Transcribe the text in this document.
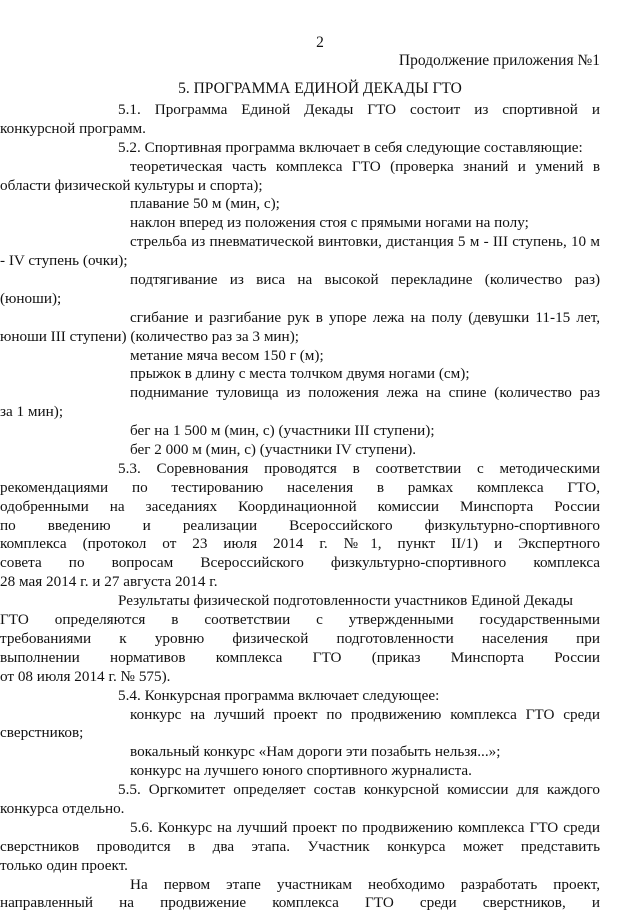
2
Продолжение приложения №1
5. ПРОГРАММА ЕДИНОЙ ДЕКАДЫ ГТО
5.1. Программа Единой Декады ГТО состоит из спортивной и
конкурсной программ.
5.2. Спортивная программа включает в себя следующие составляющие:
теоретическая часть комплекса ГТО (проверка знаний и умений в
области физической культуры и спорта);
плавание 50 м (мин, с);
наклон вперед из положения стоя с прямыми ногами на полу;
стрельба из пневматической винтовки, дистанция 5 м - III ступень, 10 м
- IV ступень (очки);
подтягивание из виса на высокой перекладине (количество раз)
(юноши);
сгибание и разгибание рук в упоре лежа на полу (девушки 11-15 лет,
юноши III ступени) (количество раз за 3 мин);
метание мяча весом 150 г (м);
прыжок в длину с места толчком двумя ногами (см);
поднимание туловища из положения лежа на спине (количество раз
за 1 мин);
бег на 1 500 м (мин, с) (участники III ступени);
бег 2 000 м (мин, с) (участники IV ступени).
5.3. Соревнования проводятся в соответствии с методическими
рекомендациями по тестированию населения в рамках комплекса ГТО,
одобренными на заседаниях Координационной комиссии Минспорта России
по введению и реализации Всероссийского физкультурно-спортивного
комплекса (протокол от 23 июля 2014 г. №1, пункт II/1) и Экспертного
совета по вопросам Всероссийского физкультурно-спортивного комплекса
28 мая 2014 г. и 27 августа 2014 г.
Результаты физической подготовленности участников Единой Декады
ГТО определяются в соответствии с утвержденными государственными
требованиями к уровню физической подготовленности населения при
выполнении нормативов комплекса ГТО (приказ Минспорта России
от 08 июля 2014 г. № 575).
5.4. Конкурсная программа включает следующее:
конкурс на лучший проект по продвижению комплекса ГТО среди
сверстников;
вокальный конкурс «Нам дороги эти позабыть нельзя...»;
конкурс на лучшего юного спортивного журналиста.
5.5. Оргкомитет определяет состав конкурсной комиссии для каждого
конкурса отдельно.
5.6. Конкурс на лучший проект по продвижению комплекса ГТО среди
сверстников проводится в два этапа. Участник конкурса может представить
только один проект.
На первом этапе участникам необходимо разработать проект,
направленный на продвижение комплекса ГТО среди сверстников, и
